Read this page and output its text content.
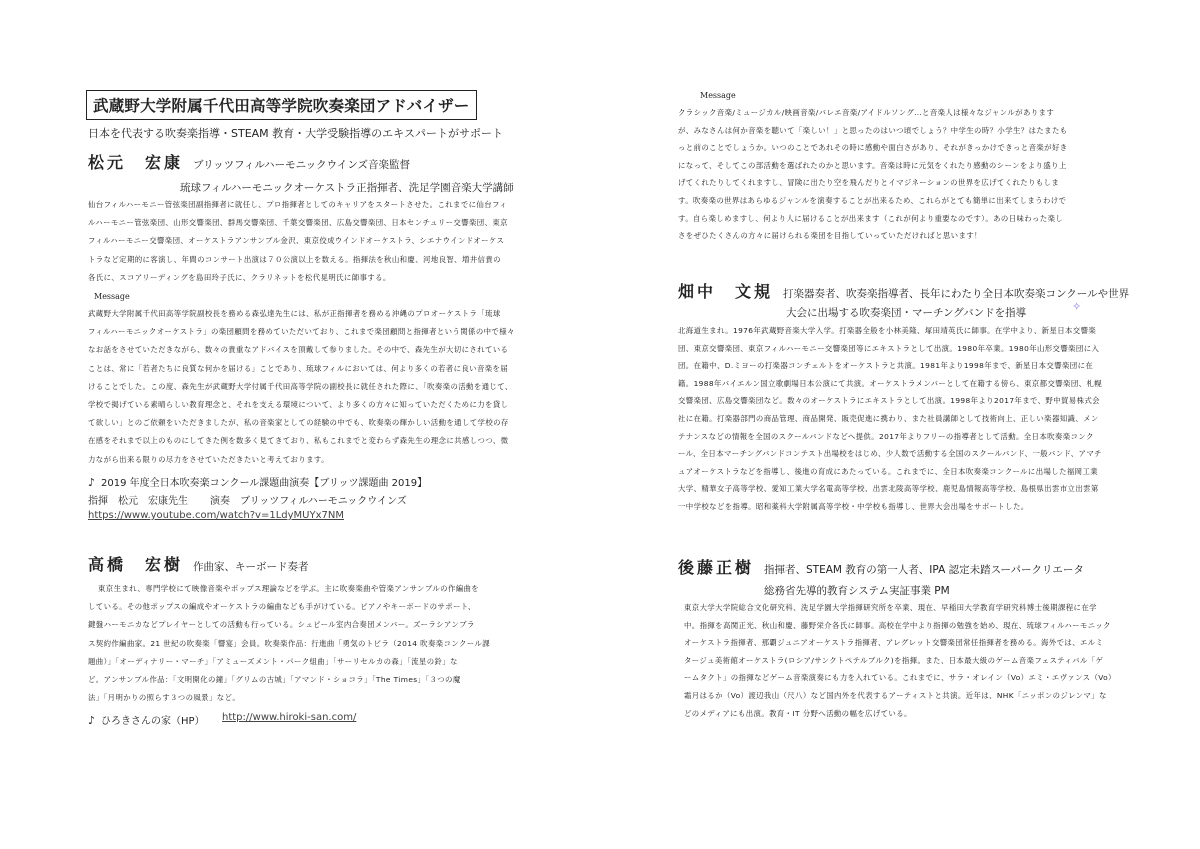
武蔵野大学附属千代田高等学院吹奏楽団アドバイザー
日本を代表する吹奏楽指導・STEAM 教育・大学受験指導のエキスパートがサポート
松元　宏康 ブリッツフィルハーモニックウインズ音楽監督
琉球フィルハーモニックオーケストラ正指揮者、洗足学園音楽大学講師
仙台フィルハーモニー管弦楽団副指揮者に就任し、プロ指揮者としてのキャリアをスタートさせた。これまでに仙台フィ
ルハーモニー管弦楽団、山形交響楽団、群馬交響楽団、千葉交響楽団、広島交響楽団、日本センチュリー交響楽団、東京
フィルハーモニー交響楽団、オーケストラアンサンブル金沢、東京佼成ウインドオーケストラ、シエナウインドオーケス
トラなど定期的に客演し、年間のコンサート出演は７０公演以上を数える。指揮法を秋山和慶、河地良智、増井信貴の
各氏に、スコアリーディングを島田玲子氏に、クラリネットを松代晃明氏に師事する。
Message
武蔵野大学附属千代田高等学院副校長を務める森弘達先生には、私が正指揮者を務める沖縄のプロオーケストラ「琉球
フィルハーモニックオーケストラ」の楽団顧問を務めていただいており、これまで楽団顧問と指揮者という関係の中で様々
なお話をさせていただきながら、数々の貴重なアドバイスを頂戴して参りました。その中で、森先生が大切にされている
ことは、常に「若者たちに良質な何かを届ける」ことであり、琉球フィルにおいては、何より多くの若者に良い音楽を届
けることでした。この度、森先生が武蔵野大学付属千代田高等学院の副校長に就任された際に、「吹奏楽の活動を通じて、
学校で掲げている素晴らしい教育理念と、それを支える環境について、より多くの方々に知っていただくために力を貸し
て欲しい」とのご依頼をいただきましたが、私の音楽家としての経験の中でも、吹奏楽の輝かしい活動を通して学校の存
在感をそれまで以上のものにしてきた例を数多く見てきており、私もこれまでと変わらず森先生の理念に共感しつつ、微
力ながら出来る限りの尽力をさせていただきたいと考えております。
♪ 2019 年度全日本吹奏楽コンクール課題曲演奏【ブリッツ課題曲 2019】
指揮　松元　宏康先生 演奏　ブリッツフィルハーモニックウインズ
https://www.youtube.com/watch?v=1LdyMUYx7NM
高橋　宏樹 作曲家、キーボード奏者
東京生まれ、専門学校にて映像音楽やポップス理論などを学ぶ。主に吹奏楽曲や管楽アンサンブルの作編曲を
している。その他ポップスの編成やオーケストラの編曲なども手がけている。ピアノやキーボードのサポート、
鍵盤ハーモニカなどプレイヤーとしての活動も行っている。シュピール室内合奏団メンバー。ズーラシアンブラ
ス契約作編曲家。21 世紀の吹奏楽「響宴」会員。吹奏楽作品：行進曲「勇気のトビラ（2014 吹奏楽コンクール課
題曲）」「オーディナリー・マーチ」「アミューズメント・パーク組曲」「サーリセルカの森」「流星の鈴」な
ど。アンサンブル作品：「文明開化の鐘」「グリムの古城」「アマンド・ショコラ」「The Times」「３つの魔
法」「月明かりの照らす３つの風景」など。
♪ ひろきさんの家（HP） http://www.hiroki-san.com/
Message
クラシック音楽/ミュージカル/映画音楽/バレエ音楽/アイドルソング…と音楽人は様々なジャンルがあります
が、みなさんは何か音楽を聴いて「楽しい！」と思ったのはいつ頃でしょう？中学生の時？小学生？はたまたも
っと前のことでしょうか。いつのことであれその時に感動や面白さがあり、それがきっかけできっと音楽が好き
になって、そしてこの部活動を選ばれたのかと思います。音楽は時に元気をくれたり感動のシーンをより盛り上
げてくれたりしてくれますし、冒険に出たり空を飛んだりとイマジネーションの世界を広げてくれたりもしま
す。吹奏楽の世界はあらゆるジャンルを演奏することが出来るため、これらがとても簡単に出来てしまうわけで
す。自ら楽しめますし、何より人に届けることが出来ます（これが何より重要なのです）。あの日味わった楽し
さをぜひたくさんの方々に届けられる楽団を目指していっていただければと思います！
畑中　文規 打楽器奏者、吹奏楽指導者、長年にわたり全日本吹奏楽コンクールや世界
大会に出場する吹奏楽団・マーチングバンドを指導
北海道生まれ。1976年武蔵野音楽大学入学。打楽器全般を小林美隆、塚田靖英氏に師事。在学中より、新星日本交響楽
団、東京交響楽団、東京フィルハーモニー交響楽団等にエキストラとして出演。1980年卒業。1980年山形交響楽団に入
団。在籍中、D.ミヨーの打楽器コンチェルトをオーケストラと共演。1981年より1998年まで、新星日本交響楽団に在
籍。1988年バイエルン国立歌劇場日本公演にて共演。オーケストラメンバーとして在籍する傍ら、東京都交響楽団、札幌
交響楽団、広島交響楽団など。数々のオーケストラにエキストラとして出演。1998年より2017年まで、野中貿易株式会
社に在籍。打楽器部門の商品管理、商品開発、販売促進に携わり、また社員講師として技術向上、正しい楽器知識、メン
テナンスなどの情報を全国のスクールバンドなどへ提供。2017年よりフリーの指導者として活動。全日本吹奏楽コンク
ール、全日本マーチングバンドコンテスト出場校をはじめ、少人数で活動する全国のスクールバンド、一般バンド、アマチ
ュアオーケストラなどを指導し、後進の育成にあたっている。これまでに、全日本吹奏楽コンクールに出場した福岡工業
大学、精華女子高等学校、愛知工業大学名電高等学校、出雲北陵高等学校、鹿児島情報高等学校、島根県出雲市立出雲第
一中学校などを指導。昭和薬科大学附属高等学校・中学校も指導し、世界大会出場をサポートした。
後藤正樹 指揮者、STEAM 教育の第一人者、IPA 認定未踏スーパークリエータ
総務省先導的教育システム実証事業 PM
東京大学大学院総合文化研究科、洗足学園大学指揮研究所を卒業、現在、早稲田大学教育学研究科博士後期課程に在学
中。指揮を高関正光、秋山和慶、藤野栄介各氏に師事。高校在学中より指揮の勉強を始め、現在、琉球フィルハーモニック
オーケストラ指揮者、那覇ジュニアオーケストラ指揮者、アレグレット交響楽団常任指揮者を務める。海外では、エルミ
タージュ美術館オーケストラ(ロシア/サンクトペテルブルク)を指揮。また、日本最大級のゲーム音楽フェスティバル「ゲ
ームタクト」の指揮などゲーム音楽演奏にも力を入れている。これまでに、サラ・オレイン（Vo）エミ・エヴァンス（Vo）
霜月はるか（Vo）渡辺我山（尺八）など国内外を代表するアーティストと共演。近年は、NHK「ニッポンのジレンマ」な
どのメディアにも出演。教育・IT 分野へ活動の幅を広げている。
✧
